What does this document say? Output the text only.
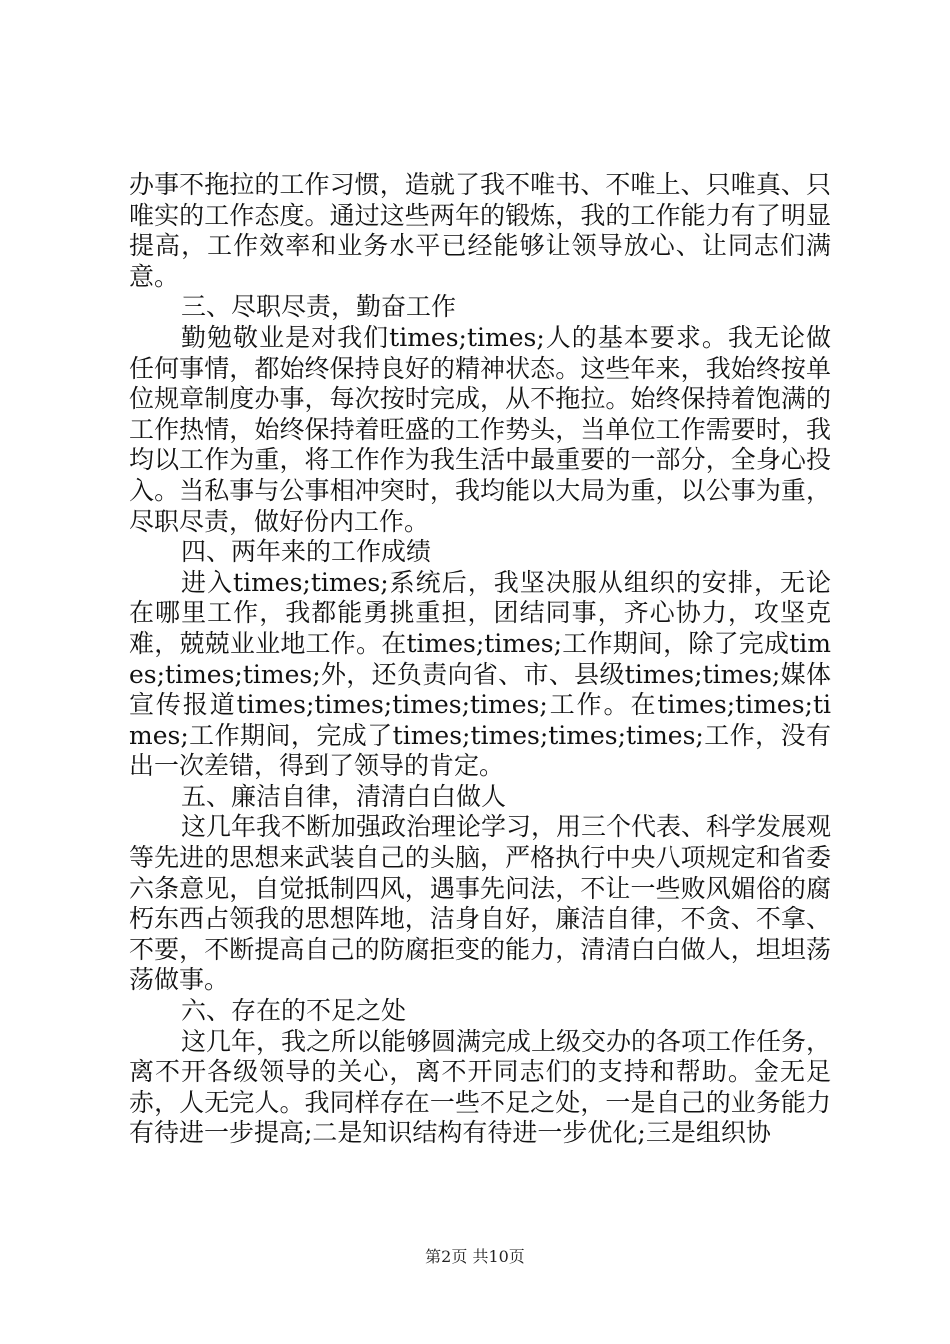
办事不拖拉的工作习惯，造就了我不唯书、不唯上、只唯真、只唯实的工作态度。通过这些两年的锻炼，我的工作能力有了明显提高，工作效率和业务水平已经能够让领导放心、让同志们满意。

三、尽职尽责，勤奋工作

勤勉敬业是对我们times;times;人的基本要求。我无论做任何事情，都始终保持良好的精神状态。这些年来，我始终按单位规章制度办事，每次按时完成，从不拖拉。始终保持着饱满的工作热情，始终保持着旺盛的工作势头，当单位工作需要时，我均以工作为重，将工作作为我生活中最重要的一部分，全身心投入。当私事与公事相冲突时，我均能以大局为重，以公事为重，尽职尽责，做好份内工作。

四、两年来的工作成绩

进入times;times;系统后，我坚决服从组织的安排，无论在哪里工作，我都能勇挑重担，团结同事，齐心协力，攻坚克难，兢兢业业地工作。在times;times;工作期间，除了完成times;times;times;外，还负责向省、市、县级times;times;媒体宣传报道times;times;times;times;工作。在times;times;times;工作期间，完成了times;times;times;times;工作，没有出一次差错，得到了领导的肯定。

五、廉洁自律，清清白白做人

这几年我不断加强政治理论学习，用三个代表、科学发展观等先进的思想来武装自己的头脑，严格执行中央八项规定和省委六条意见，自觉抵制四风，遇事先问法，不让一些败风媚俗的腐朽东西占领我的思想阵地，洁身自好，廉洁自律，不贪、不拿、不要，不断提高自己的防腐拒变的能力，清清白白做人，坦坦荡荡做事。

六、存在的不足之处

这几年，我之所以能够圆满完成上级交办的各项工作任务，离不开各级领导的关心，离不开同志们的支持和帮助。金无足赤，人无完人。我同样存在一些不足之处，一是自己的业务能力有待进一步提高;二是知识结构有待进一步优化;三是组织协

第2页 共10页
